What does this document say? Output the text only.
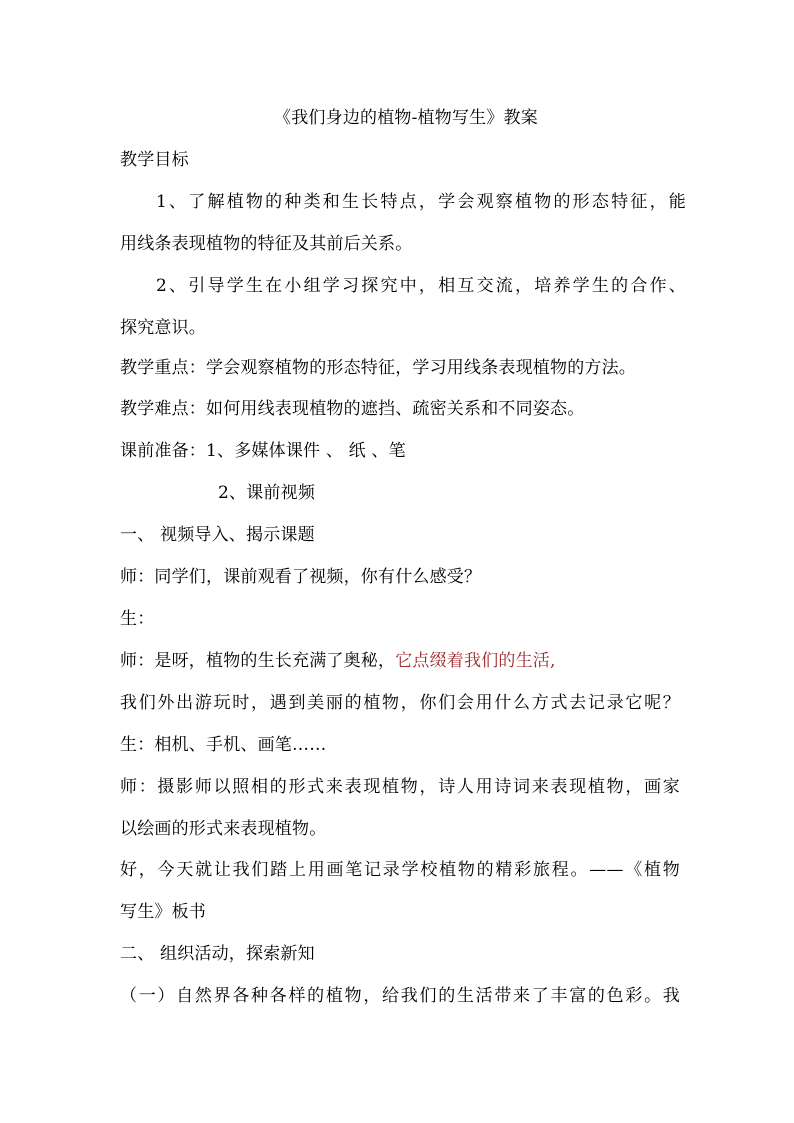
《我们身边的植物-植物写生》教案
教学目标
1、了解植物的种类和生长特点，学会观察植物的形态特征，能
用线条表现植物的特征及其前后关系。
2、引导学生在小组学习探究中，相互交流，培养学生的合作、
探究意识。
教学重点：学会观察植物的形态特征，学习用线条表现植物的方法。
教学难点：如何用线表现植物的遮挡、疏密关系和不同姿态。
课前准备：1、多媒体课件 、 纸 、笔
2、课前视频
一、 视频导入、揭示课题
师：同学们，课前观看了视频，你有什么感受？
生：
师：是呀，植物的生长充满了奥秘，它点缀着我们的生活,
我们外出游玩时，遇到美丽的植物，你们会用什么方式去记录它呢？
生：相机、手机、画笔……
师：摄影师以照相的形式来表现植物，诗人用诗词来表现植物，画家
以绘画的形式来表现植物。
好，今天就让我们踏上用画笔记录学校植物的精彩旅程。——《植物
写生》板书
二、 组织活动，探索新知
（一）自然界各种各样的植物，给我们的生活带来了丰富的色彩。我
